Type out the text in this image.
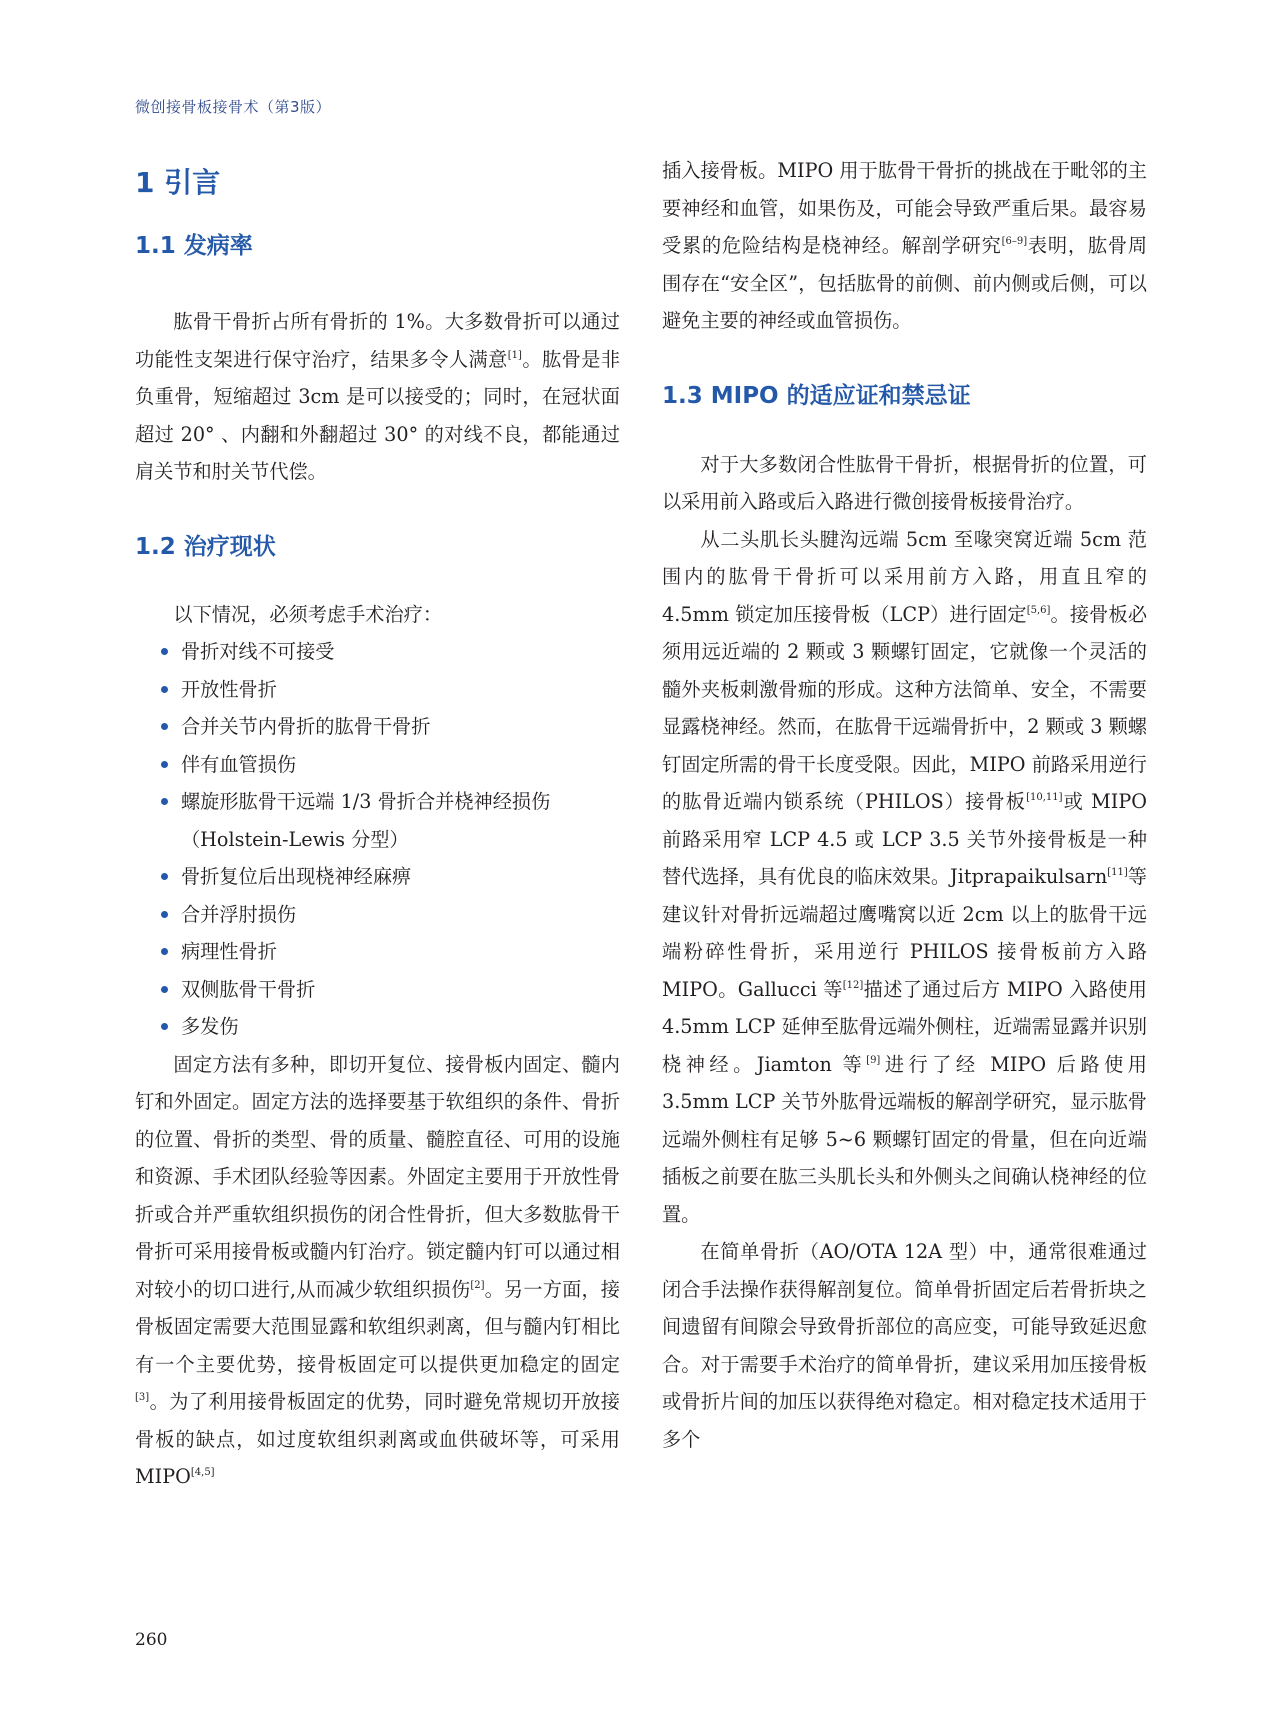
微创接骨板接骨术（第3版）
1 引言
1.1 发病率

肱骨干骨折占所有骨折的 1%。大多数骨折可以通过功能性支架进行保守治疗，结果多令人满意[1]。肱骨是非负重骨，短缩超过 3cm 是可以接受的；同时，在冠状面超过 20° 、内翻和外翻超过 30° 的对线不良，都能通过肩关节和肘关节代偿。

1.2 治疗现状

以下情况，必须考虑手术治疗：

骨折对线不可接受
开放性骨折
合并关节内骨折的肱骨干骨折
伴有血管损伤
螺旋形肱骨干远端 1/3 骨折合并桡神经损伤
（Holstein-Lewis 分型）
骨折复位后出现桡神经麻痹
合并浮肘损伤
病理性骨折
双侧肱骨干骨折
多发伤

固定方法有多种，即切开复位、接骨板内固定、髓内钉和外固定。固定方法的选择要基于软组织的条件、骨折的位置、骨折的类型、骨的质量、髓腔直径、可用的设施和资源、手术团队经验等因素。外固定主要用于开放性骨折或合并严重软组织损伤的闭合性骨折，但大多数肱骨干骨折可采用接骨板或髓内钉治疗。锁定髓内钉可以通过相对较小的切口进行,从而减少软组织损伤[2]。另一方面，接骨板固定需要大范围显露和软组织剥离，但与髓内钉相比有一个主要优势，接骨板固定可以提供更加稳定的固定[3]。为了利用接骨板固定的优势，同时避免常规切开放接骨板的缺点，如过度软组织剥离或血供破坏等，可采用 MIPO[4,5]

插入接骨板。MIPO 用于肱骨干骨折的挑战在于毗邻的主要神经和血管，如果伤及，可能会导致严重后果。最容易受累的危险结构是桡神经。解剖学研究[6–9]表明，肱骨周围存在“安全区”，包括肱骨的前侧、前内侧或后侧，可以避免主要的神经或血管损伤。

1.3 MIPO 的适应证和禁忌证

对于大多数闭合性肱骨干骨折，根据骨折的位置，可以采用前入路或后入路进行微创接骨板接骨治疗。

从二头肌长头腱沟远端 5cm 至喙突窝近端 5cm 范围内的肱骨干骨折可以采用前方入路，用直且窄的 4.5mm 锁定加压接骨板（LCP）进行固定[5,6]。接骨板必须用远近端的 2 颗或 3 颗螺钉固定，它就像一个灵活的髓外夹板刺激骨痂的形成。这种方法简单、安全，不需要显露桡神经。然而，在肱骨干远端骨折中，2 颗或 3 颗螺钉固定所需的骨干长度受限。因此，MIPO 前路采用逆行的肱骨近端内锁系统（PHILOS）接骨板[10,11]或 MIPO 前路采用窄 LCP 4.5 或 LCP 3.5 关节外接骨板是一种替代选择，具有优良的临床效果。Jitprapaikulsarn[11]等建议针对骨折远端超过鹰嘴窝以近 2cm 以上的肱骨干远端粉碎性骨折，采用逆行 PHILOS 接骨板前方入路 MIPO。Gallucci 等[12]描述了通过后方 MIPO 入路使用 4.5mm LCP 延伸至肱骨远端外侧柱，近端需显露并识别桡神经。Jiamton 等[9]进行了经 MIPO 后路使用 3.5mm LCP 关节外肱骨远端板的解剖学研究，显示肱骨远端外侧柱有足够 5~6 颗螺钉固定的骨量，但在向近端插板之前要在肱三头肌长头和外侧头之间确认桡神经的位置。

在简单骨折（AO/OTA 12A 型）中，通常很难通过闭合手法操作获得解剖复位。简单骨折固定后若骨折块之间遗留有间隙会导致骨折部位的高应变，可能导致延迟愈合。对于需要手术治疗的简单骨折，建议采用加压接骨板或骨折片间的加压以获得绝对稳定。相对稳定技术适用于多个

260
